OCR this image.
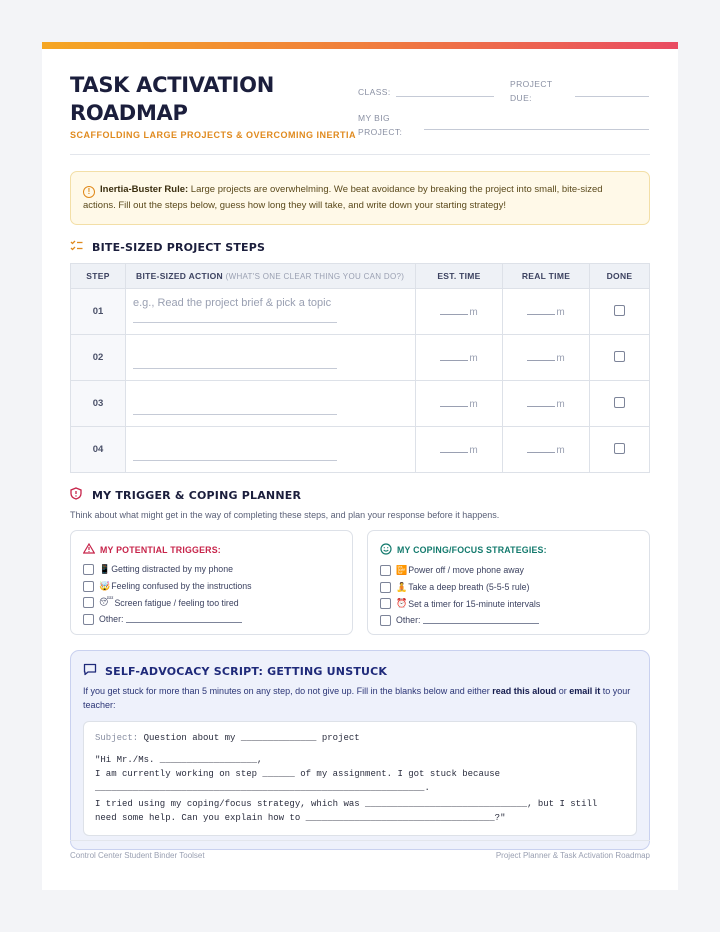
TASK ACTIVATION ROADMAP
SCAFFOLDING LARGE PROJECTS & OVERCOMING INERTIA
CLASS:
PROJECT
DUE:
MY BIG
PROJECT:
! Inertia-Buster Rule: Large projects are overwhelming. We beat avoidance by breaking the project into small, bite-sized actions. Fill out the steps below, guess how long they will take, and write down your starting strategy!
BITE-SIZED PROJECT STEPS
STEP	BITE-SIZED ACTION (WHAT'S ONE CLEAR THING YOU CAN DO?)	EST. TIME	REAL TIME	DONE
01	e.g., Read the project brief & pick a topic	m	m	
02		m	m	
03		m	m	
04		m	m	
MY TRIGGER & COPING PLANNER
Think about what might get in the way of completing these steps, and plan your response before it happens.
MY POTENTIAL TRIGGERS:
📱 Getting distracted by my phone
🤯 Feeling confused by the instructions
😴 Screen fatigue / feeling too tired
Other:
MY COPING/FOCUS STRATEGIES:
📴 Power off / move phone away
🧘 Take a deep breath (5-5-5 rule)
⏰ Set a timer for 15-minute intervals
Other:
SELF-ADVOCACY SCRIPT: GETTING UNSTUCK

If you get stuck for more than 5 minutes on any step, do not give up. Fill in the blanks below and either read this aloud or email it to your teacher:

Subject: Question about my ______________ project
"Hi Mr./Ms. __________________,
I am currently working on step ______ of my assignment. I got stuck because
_____________________________________________________________.
I tried using my coping/focus strategy, which was ______________________________, but I still
need some help. Can you explain how to ___________________________________?"
Control Center Student Binder Toolset	Project Planner & Task Activation Roadmap
